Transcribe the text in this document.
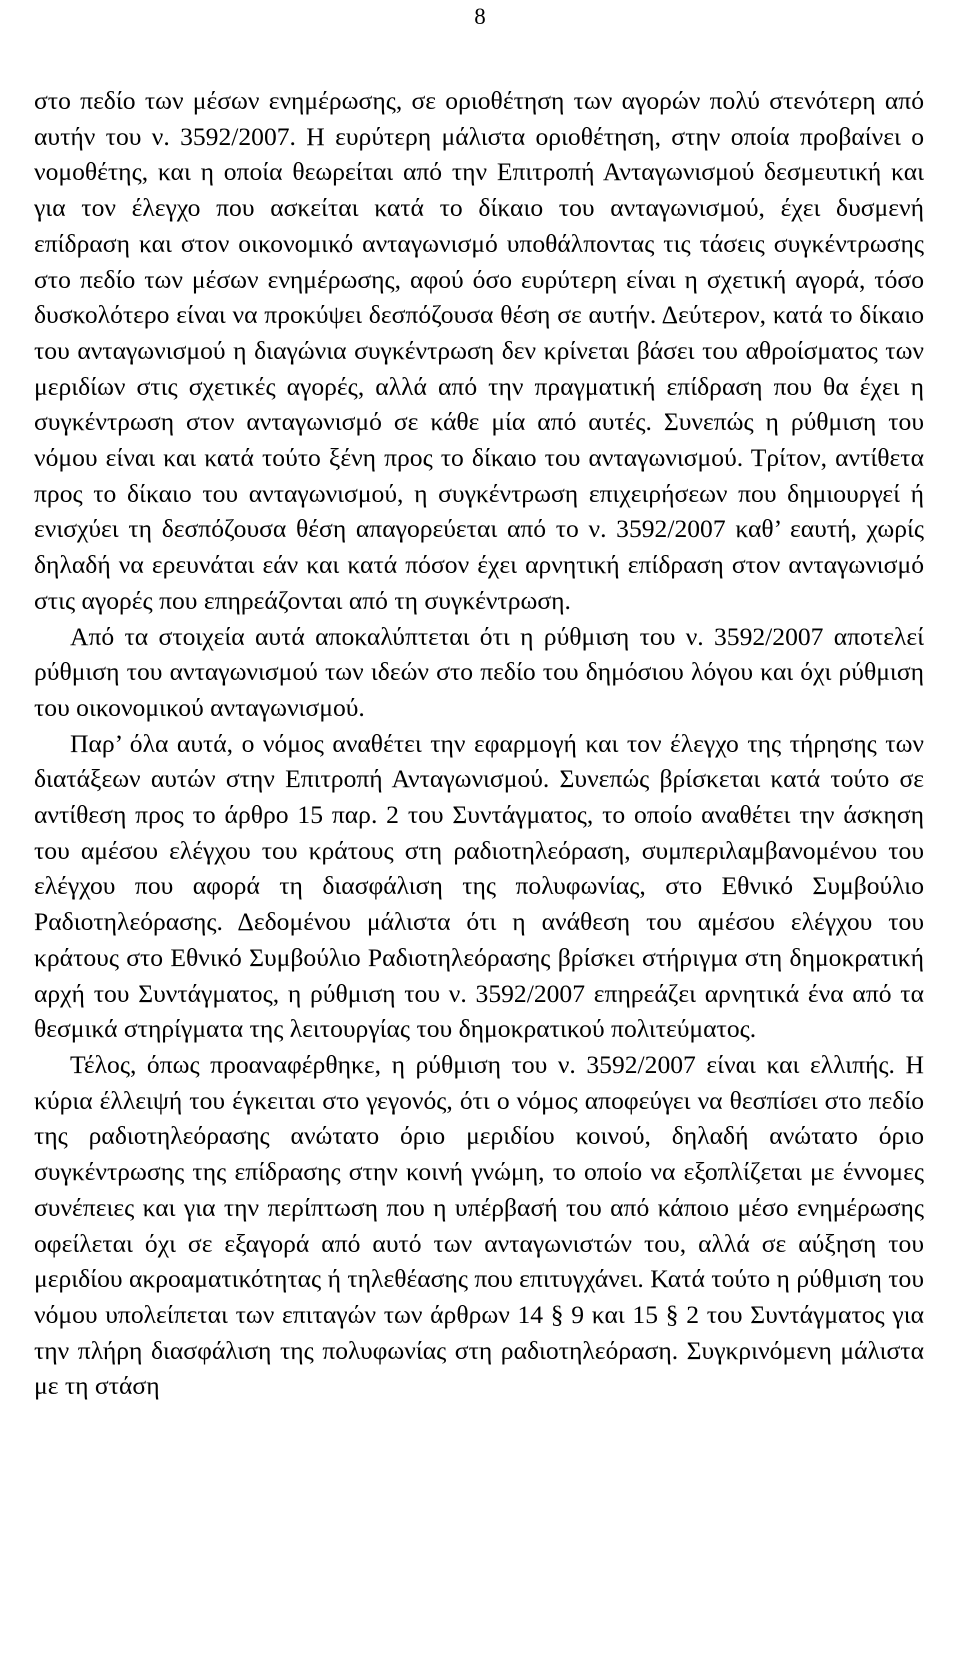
8

στο πεδίο των μέσων ενημέρωσης, σε οριοθέτηση των αγορών πολύ στενότερη από αυτήν του ν. 3592/2007. Η ευρύτερη μάλιστα οριοθέτηση, στην οποία προβαίνει ο νομοθέτης, και η οποία θεωρείται από την Επιτροπή Ανταγωνισμού δεσμευτική και για τον έλεγχο που ασκείται κατά το δίκαιο του ανταγωνισμού, έχει δυσμενή επίδραση και στον οικονομικό ανταγωνισμό υποθάλποντας τις τάσεις συγκέντρωσης στο πεδίο των μέσων ενημέρωσης, αφού όσο ευρύτερη είναι η σχετική αγορά, τόσο δυσκολότερο είναι να προκύψει δεσπόζουσα θέση σε αυτήν. Δεύτερον, κατά το δίκαιο του ανταγωνισμού η διαγώνια συγκέντρωση δεν κρίνεται βάσει του αθροίσματος των μεριδίων στις σχετικές αγορές, αλλά από την πραγματική επίδραση που θα έχει η συγκέντρωση στον ανταγωνισμό σε κάθε μία από αυτές. Συνεπώς η ρύθμιση του νόμου είναι και κατά τούτο ξένη προς το δίκαιο του ανταγωνισμού. Τρίτον, αντίθετα προς το δίκαιο του ανταγωνισμού, η συγκέντρωση επιχειρήσεων που δημιουργεί ή ενισχύει τη δεσπόζουσα θέση απαγορεύεται από το ν. 3592/2007 καθ’ εαυτή, χωρίς δηλαδή να ερευνάται εάν και κατά πόσον έχει αρνητική επίδραση στον ανταγωνισμό στις αγορές που επηρεάζονται από τη συγκέντρωση.

Από τα στοιχεία αυτά αποκαλύπτεται ότι η ρύθμιση του ν. 3592/2007 αποτελεί ρύθμιση του ανταγωνισμού των ιδεών στο πεδίο του δημόσιου λόγου και όχι ρύθμιση του οικονομικού ανταγωνισμού.

Παρ’ όλα αυτά, ο νόμος αναθέτει την εφαρμογή και τον έλεγχο της τήρησης των διατάξεων αυτών στην Επιτροπή Ανταγωνισμού. Συνεπώς βρίσκεται κατά τούτο σε αντίθεση προς το άρθρο 15 παρ. 2 του Συντάγματος, το οποίο αναθέτει την άσκηση του αμέσου ελέγχου του κράτους στη ραδιοτηλεόραση, συμπεριλαμβανομένου του ελέγχου που αφορά τη διασφάλιση της πολυφωνίας, στο Εθνικό Συμβούλιο Ραδιοτηλεόρασης. Δεδομένου μάλιστα ότι η ανάθεση του αμέσου ελέγχου του κράτους στο Εθνικό Συμβούλιο Ραδιοτηλεόρασης βρίσκει στήριγμα στη δημοκρατική αρχή του Συντάγματος, η ρύθμιση του ν. 3592/2007 επηρεάζει αρνητικά ένα από τα θεσμικά στηρίγματα της λειτουργίας του δημοκρατικού πολιτεύματος.

Τέλος, όπως προαναφέρθηκε, η ρύθμιση του ν. 3592/2007 είναι και ελλιπής. Η κύρια έλλειψή του έγκειται στο γεγονός, ότι ο νόμος αποφεύγει να θεσπίσει στο πεδίο της ραδιοτηλεόρασης ανώτατο όριο μεριδίου κοινού, δηλαδή ανώτατο όριο συγκέντρωσης της επίδρασης στην κοινή γνώμη, το οποίο να εξοπλίζεται με έννομες συνέπειες και για την περίπτωση που η υπέρβασή του από κάποιο μέσο ενημέρωσης οφείλεται όχι σε εξαγορά από αυτό των ανταγωνιστών του, αλλά σε αύξηση του μεριδίου ακροαματικότητας ή τηλεθέασης που επιτυγχάνει. Κατά τούτο η ρύθμιση του νόμου υπολείπεται των επιταγών των άρθρων 14 § 9 και 15 § 2 του Συντάγματος για την πλήρη διασφάλιση της πολυφωνίας στη ραδιοτηλεόραση. Συγκρινόμενη μάλιστα με τη στάση
